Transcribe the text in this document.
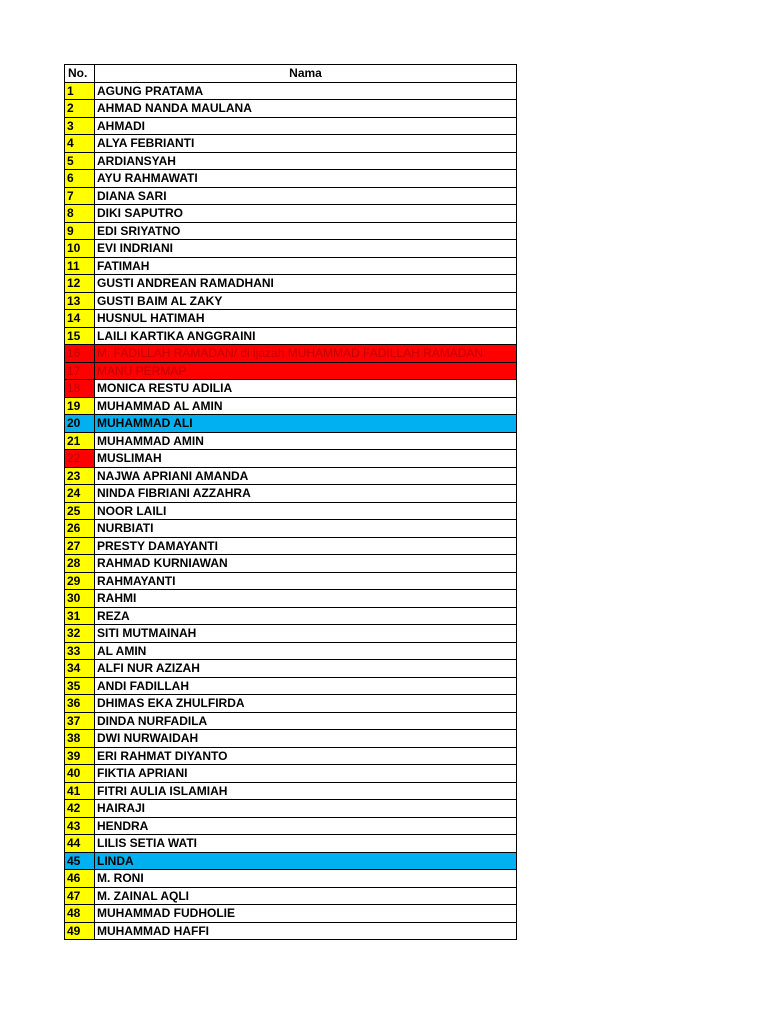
No.	Nama
1	AGUNG PRATAMA
2	AHMAD NANDA MAULANA
3	AHMADI
4	ALYA FEBRIANTI
5	ARDIANSYAH
6	AYU RAHMAWATI
7	DIANA SARI
8	DIKI SAPUTRO
9	EDI SRIYATNO
10	EVI INDRIANI
11	FATIMAH
12	GUSTI ANDREAN RAMADHANI
13	GUSTI BAIM AL ZAKY
14	HUSNUL HATIMAH
15	LAILI KARTIKA ANGGRAINI
16	M. FADILLAH RAMADAN/ di ijazah MUHAMMAD FADILLAH RAMADAN
17	MANU PERMAP
18	MONICA RESTU ADILIA
19	MUHAMMAD AL AMIN
20	MUHAMMAD ALI
21	MUHAMMAD AMIN
22	MUSLIMAH
23	NAJWA APRIANI AMANDA
24	NINDA FIBRIANI AZZAHRA
25	NOOR LAILI
26	NURBIATI
27	PRESTY DAMAYANTI
28	RAHMAD KURNIAWAN
29	RAHMAYANTI
30	RAHMI
31	REZA
32	SITI MUTMAINAH
33	AL AMIN
34	ALFI NUR AZIZAH
35	ANDI FADILLAH
36	DHIMAS EKA ZHULFIRDA
37	DINDA NURFADILA
38	DWI NURWAIDAH
39	ERI RAHMAT DIYANTO
40	FIKTIA APRIANI
41	FITRI AULIA ISLAMIAH
42	HAIRAJI
43	HENDRA
44	LILIS SETIA WATI
45	LINDA
46	M. RONI
47	M. ZAINAL AQLI
48	MUHAMMAD FUDHOLIE
49	MUHAMMAD HAFFI
